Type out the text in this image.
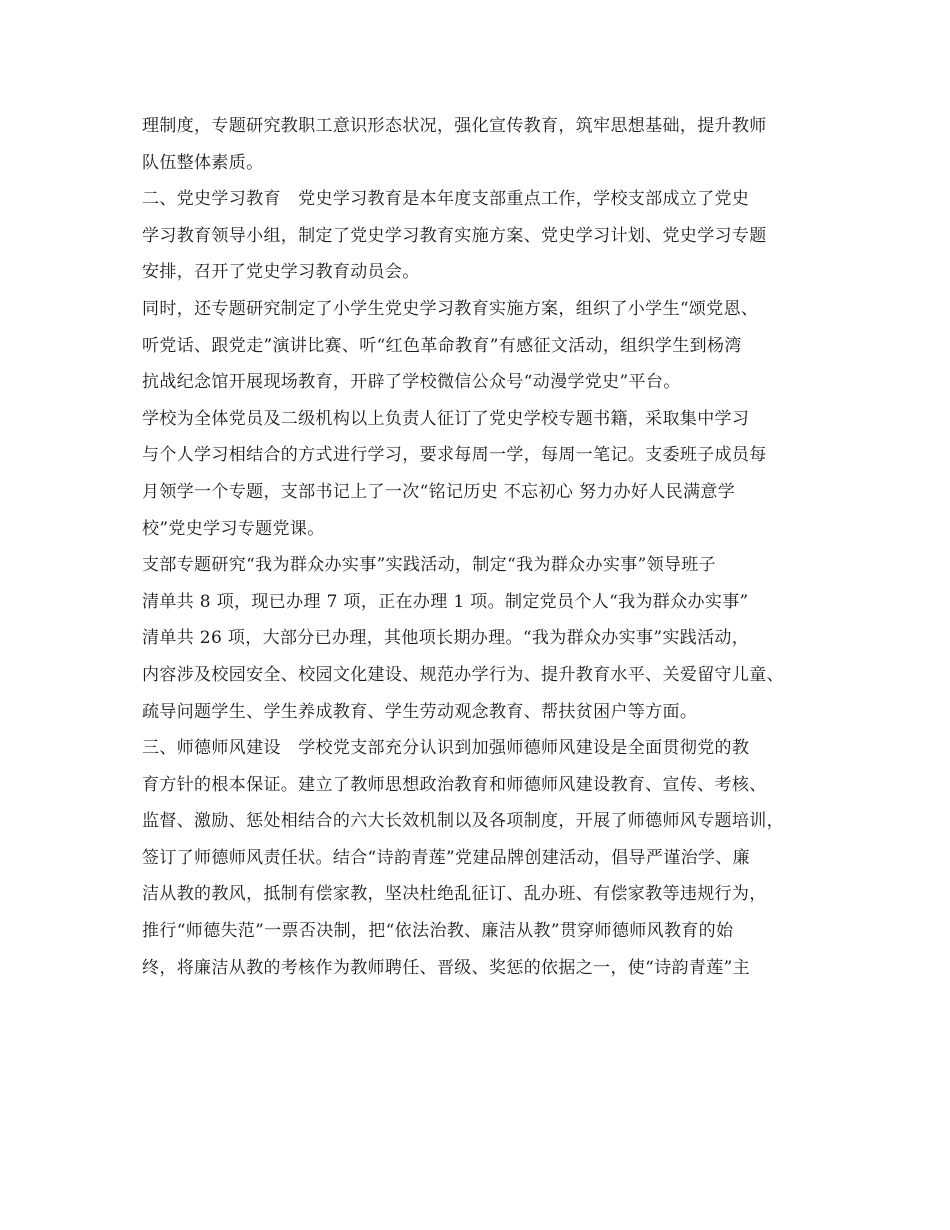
理制度，专题研究教职工意识形态状况，强化宣传教育，筑牢思想基础，提升教师
队伍整体素质。
二、党史学习教育　党史学习教育是本年度支部重点工作，学校支部成立了党史
学习教育领导小组，制定了党史学习教育实施方案、党史学习计划、党史学习专题
安排，召开了党史学习教育动员会。
同时，还专题研究制定了小学生党史学习教育实施方案，组织了小学生“颂党恩、
听党话、跟党走”演讲比赛、听“红色革命教育”有感征文活动，组织学生到杨湾
抗战纪念馆开展现场教育，开辟了学校微信公众号“动漫学党史”平台。
学校为全体党员及二级机构以上负责人征订了党史学校专题书籍，采取集中学习
与个人学习相结合的方式进行学习，要求每周一学，每周一笔记。支委班子成员每
月领学一个专题，支部书记上了一次“铭记历史 不忘初心 努力办好人民满意学
校”党史学习专题党课。
支部专题研究“我为群众办实事”实践活动，制定“我为群众办实事”领导班子
清单共 8 项，现已办理 7 项，正在办理 1 项。制定党员个人“我为群众办实事”
清单共 26 项，大部分已办理，其他项长期办理。“我为群众办实事”实践活动，
内容涉及校园安全、校园文化建设、规范办学行为、提升教育水平、关爱留守儿童、
疏导问题学生、学生养成教育、学生劳动观念教育、帮扶贫困户等方面。
三、师德师风建设　学校党支部充分认识到加强师德师风建设是全面贯彻党的教
育方针的根本保证。建立了教师思想政治教育和师德师风建设教育、宣传、考核、
监督、激励、惩处相结合的六大长效机制以及各项制度，开展了师德师风专题培训，
签订了师德师风责任状。结合“诗韵青莲”党建品牌创建活动，倡导严谨治学、廉
洁从教的教风，抵制有偿家教，坚决杜绝乱征订、乱办班、有偿家教等违规行为，
推行“师德失范”一票否决制，把“依法治教、廉洁从教”贯穿师德师风教育的始
终，将廉洁从教的考核作为教师聘任、晋级、奖惩的依据之一，使“诗韵青莲”主
